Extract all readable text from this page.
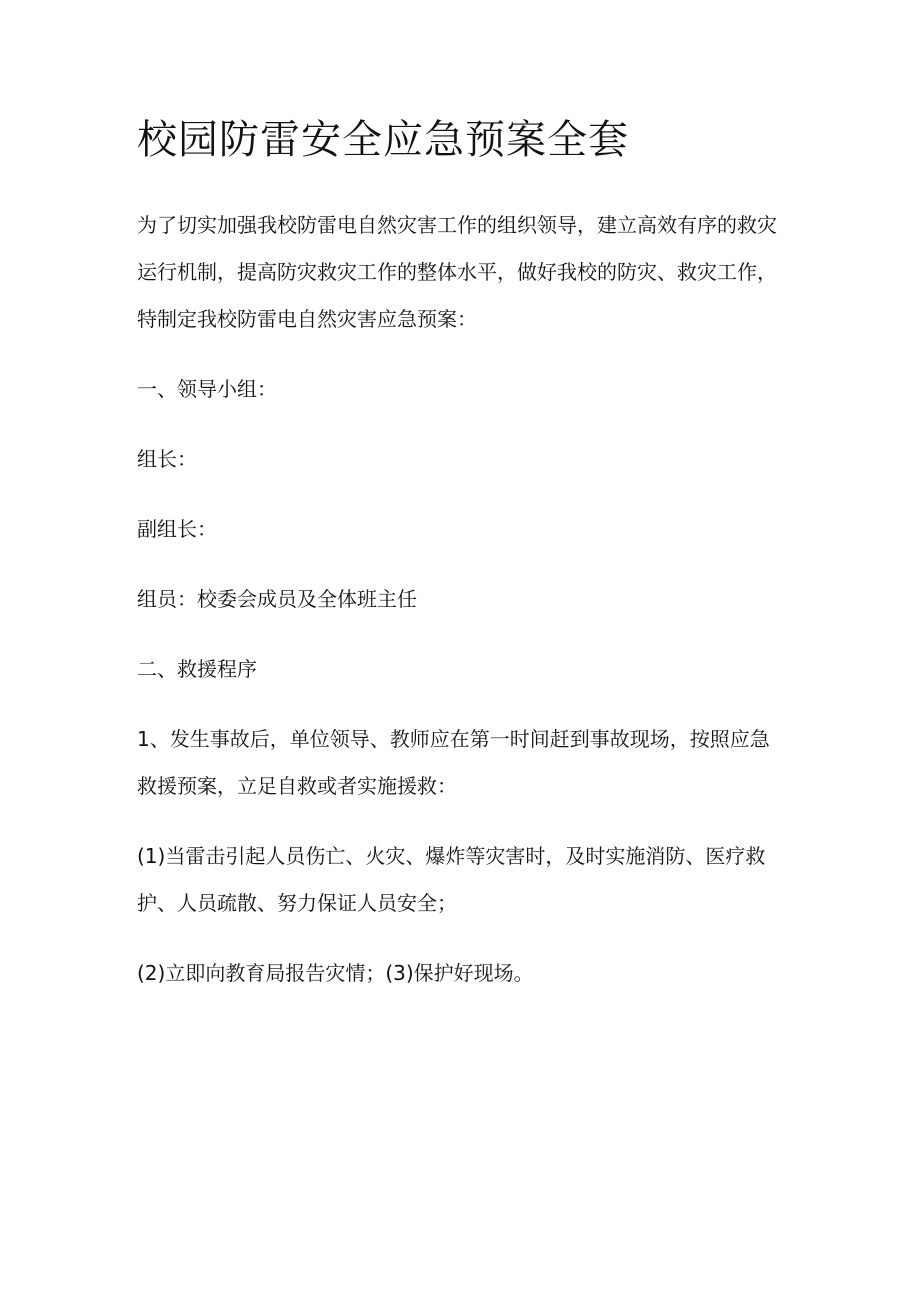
校园防雷安全应急预案全套

为了切实加强我校防雷电自然灾害工作的组织领导，建立高效有序的救灾
运行机制，提高防灾救灾工作的整体水平，做好我校的防灾、救灾工作，
特制定我校防雷电自然灾害应急预案：

一、领导小组：

组长：

副组长：

组员：校委会成员及全体班主任

二、救援程序

1、发生事故后，单位领导、教师应在第一时间赶到事故现场，按照应急
救援预案，立足自救或者实施援救：

(1)当雷击引起人员伤亡、火灾、爆炸等灾害时，及时实施消防、医疗救
护、人员疏散、努力保证人员安全；

(2)立即向教育局报告灾情；(3)保护好现场。
